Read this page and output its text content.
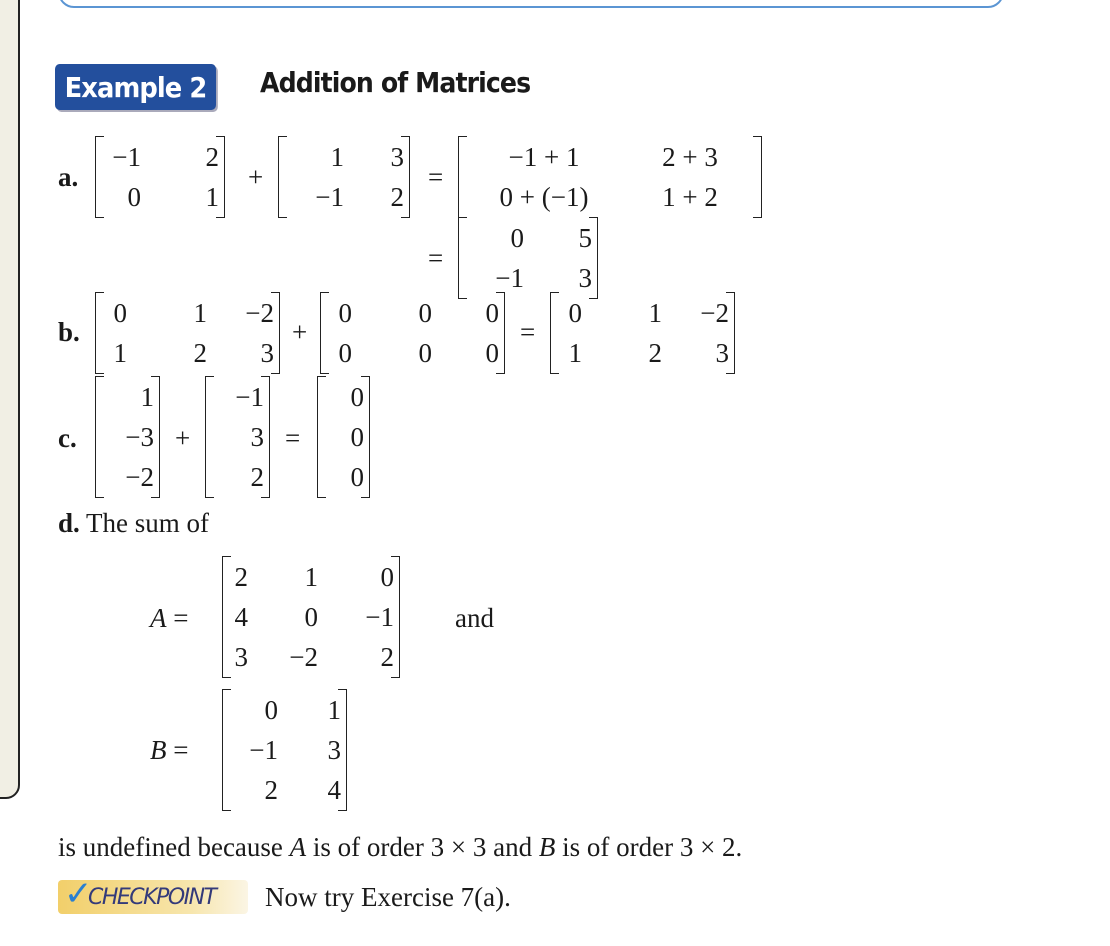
Example 2	Addition of Matrices
a.
−1	2
0	1
+
1	3
−1	2
=
−1 + 1	2 + 3
0 + (−1)	1 + 2
=
0	5
−1	3
b.
0	1	−2
1	2	3
+
0	0	0
0	0	0
=
0	1	−2
1	2	3
c.
1
−3
−2
+
−1
3
2
=
0
0
0
d. The sum of
A =
2	1	0
4	0	−1
3	−2	2
and
B =
0	1
−1	3
2	4
is undefined because A is of order 3 × 3 and B is of order 3 × 2.
✓
CHECKPOINT Now try Exercise 7(a).
